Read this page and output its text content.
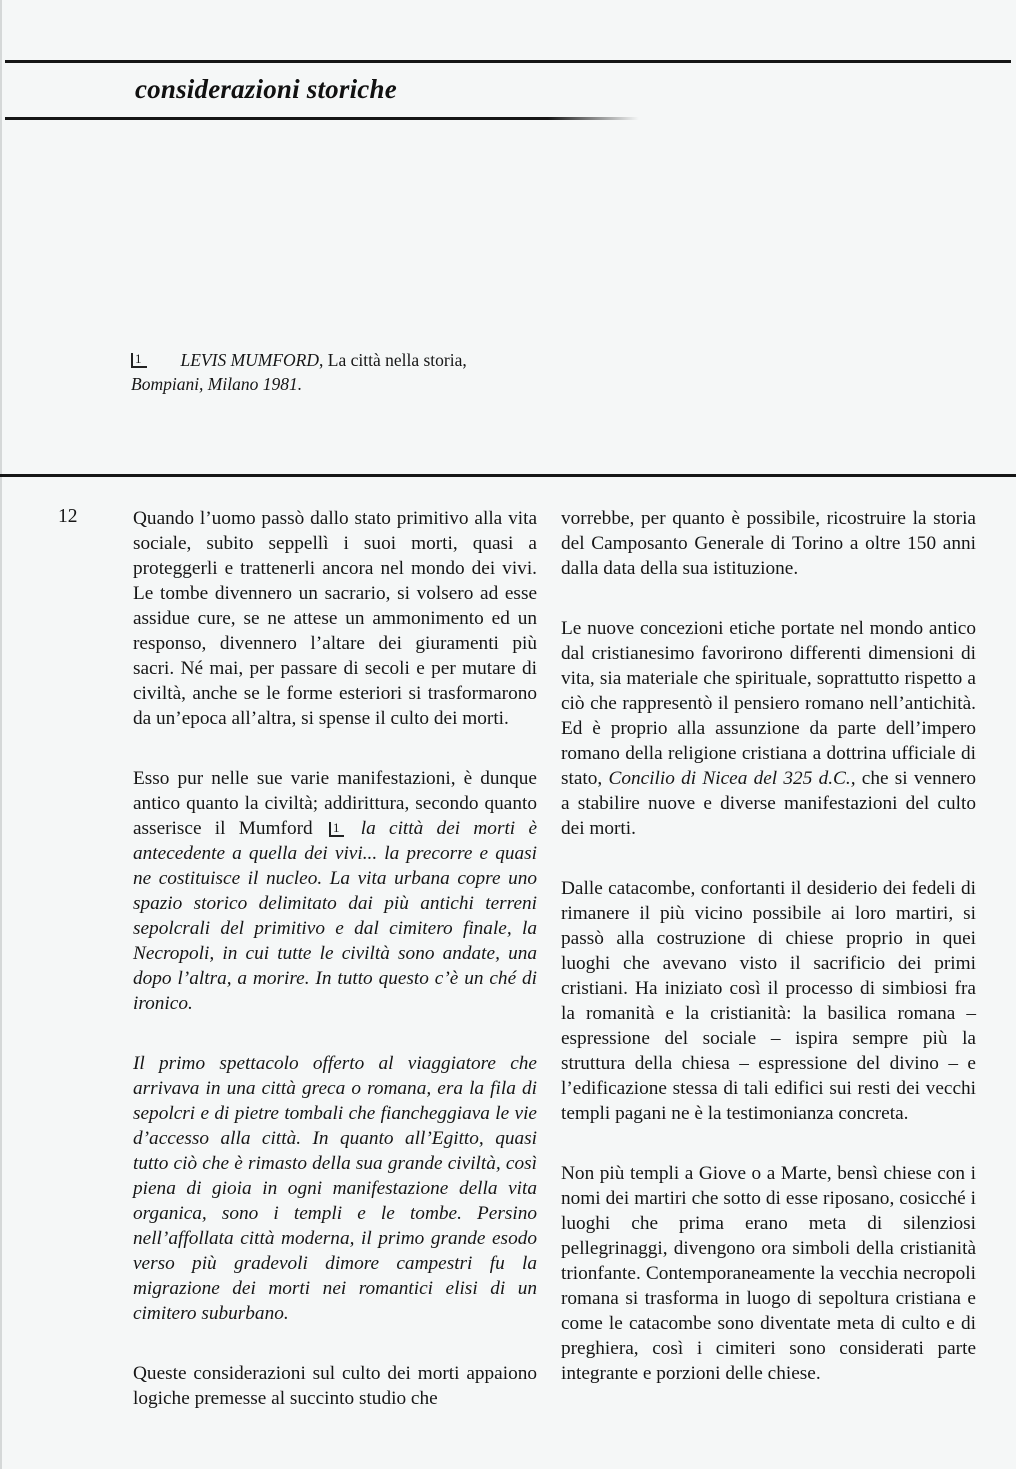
considerazioni storiche
1 LEVIS MUMFORD, La città nella storia,
Bompiani, Milano 1981.
12	Quando l’uomo passò dallo stato primitivo alla vita sociale, subito seppellì i suoi morti, quasi a proteggerli e trattenerli ancora nel mondo dei vivi. Le tombe divennero un sacrario, si volsero ad esse assidue cure, se ne attese un ammonimento ed un responso, divennero l’altare dei giuramenti più sacri. Né mai, per passare di secoli e per mutare di civiltà, anche se le forme esteriori si trasformarono da un’epoca all’altra, si spense il culto dei morti.

Esso pur nelle sue varie manifestazioni, è dunque antico quanto la civiltà; addirittura, secondo quanto asserisce il Mumford 1 la città dei morti è antecedente a quella dei vivi... la precorre e quasi ne costituisce il nucleo. La vita urbana copre uno spazio storico delimitato dai più antichi terreni sepolcrali del primitivo e dal cimitero finale, la Necropoli, in cui tutte le civiltà sono andate, una dopo l’altra, a morire. In tutto questo c’è un ché di ironico.

Il primo spettacolo offerto al viaggiatore che arrivava in una città greca o romana, era la fila di sepolcri e di pietre tombali che fiancheggiava le vie d’accesso alla città. In quanto all’Egitto, quasi tutto ciò che è rimasto della sua grande civiltà, così piena di gioia in ogni manifestazione della vita organica, sono i templi e le tombe. Persino nell’affollata città moderna, il primo grande esodo verso più gradevoli dimore campestri fu la migrazione dei morti nei romantici elisi di un cimitero suburbano.

Queste considerazioni sul culto dei morti appaiono logiche premesse al succinto studio che

vorrebbe, per quanto è possibile, ricostruire la storia del Camposanto Generale di Torino a oltre 150 anni dalla data della sua istituzione.

Le nuove concezioni etiche portate nel mondo antico dal cristianesimo favorirono differenti dimensioni di vita, sia materiale che spirituale, soprattutto rispetto a ciò che rappresentò il pensiero romano nell’antichità. Ed è proprio alla assunzione da parte dell’impero romano della religione cristiana a dottrina ufficiale di stato, Concilio di Nicea del 325 d.C., che si vennero a stabilire nuove e diverse manifestazioni del culto dei morti.

Dalle catacombe, confortanti il desiderio dei fedeli di rimanere il più vicino possibile ai loro martiri, si passò alla costruzione di chiese proprio in quei luoghi che avevano visto il sacrificio dei primi cristiani. Ha iniziato così il processo di simbiosi fra la romanità e la cristianità: la basilica romana – espressione del sociale – ispira sempre più la struttura della chiesa – espressione del divino – e l’edificazione stessa di tali edifici sui resti dei vecchi templi pagani ne è la testimonianza concreta.

Non più templi a Giove o a Marte, bensì chiese con i nomi dei martiri che sotto di esse riposano, cosicché i luoghi che prima erano meta di silenziosi pellegrinaggi, divengono ora simboli della cristianità trionfante. Contemporaneamente la vecchia necropoli romana si trasforma in luogo di sepoltura cristiana e come le catacombe sono diventate meta di culto e di preghiera, così i cimiteri sono considerati parte integrante e porzioni delle chiese.
